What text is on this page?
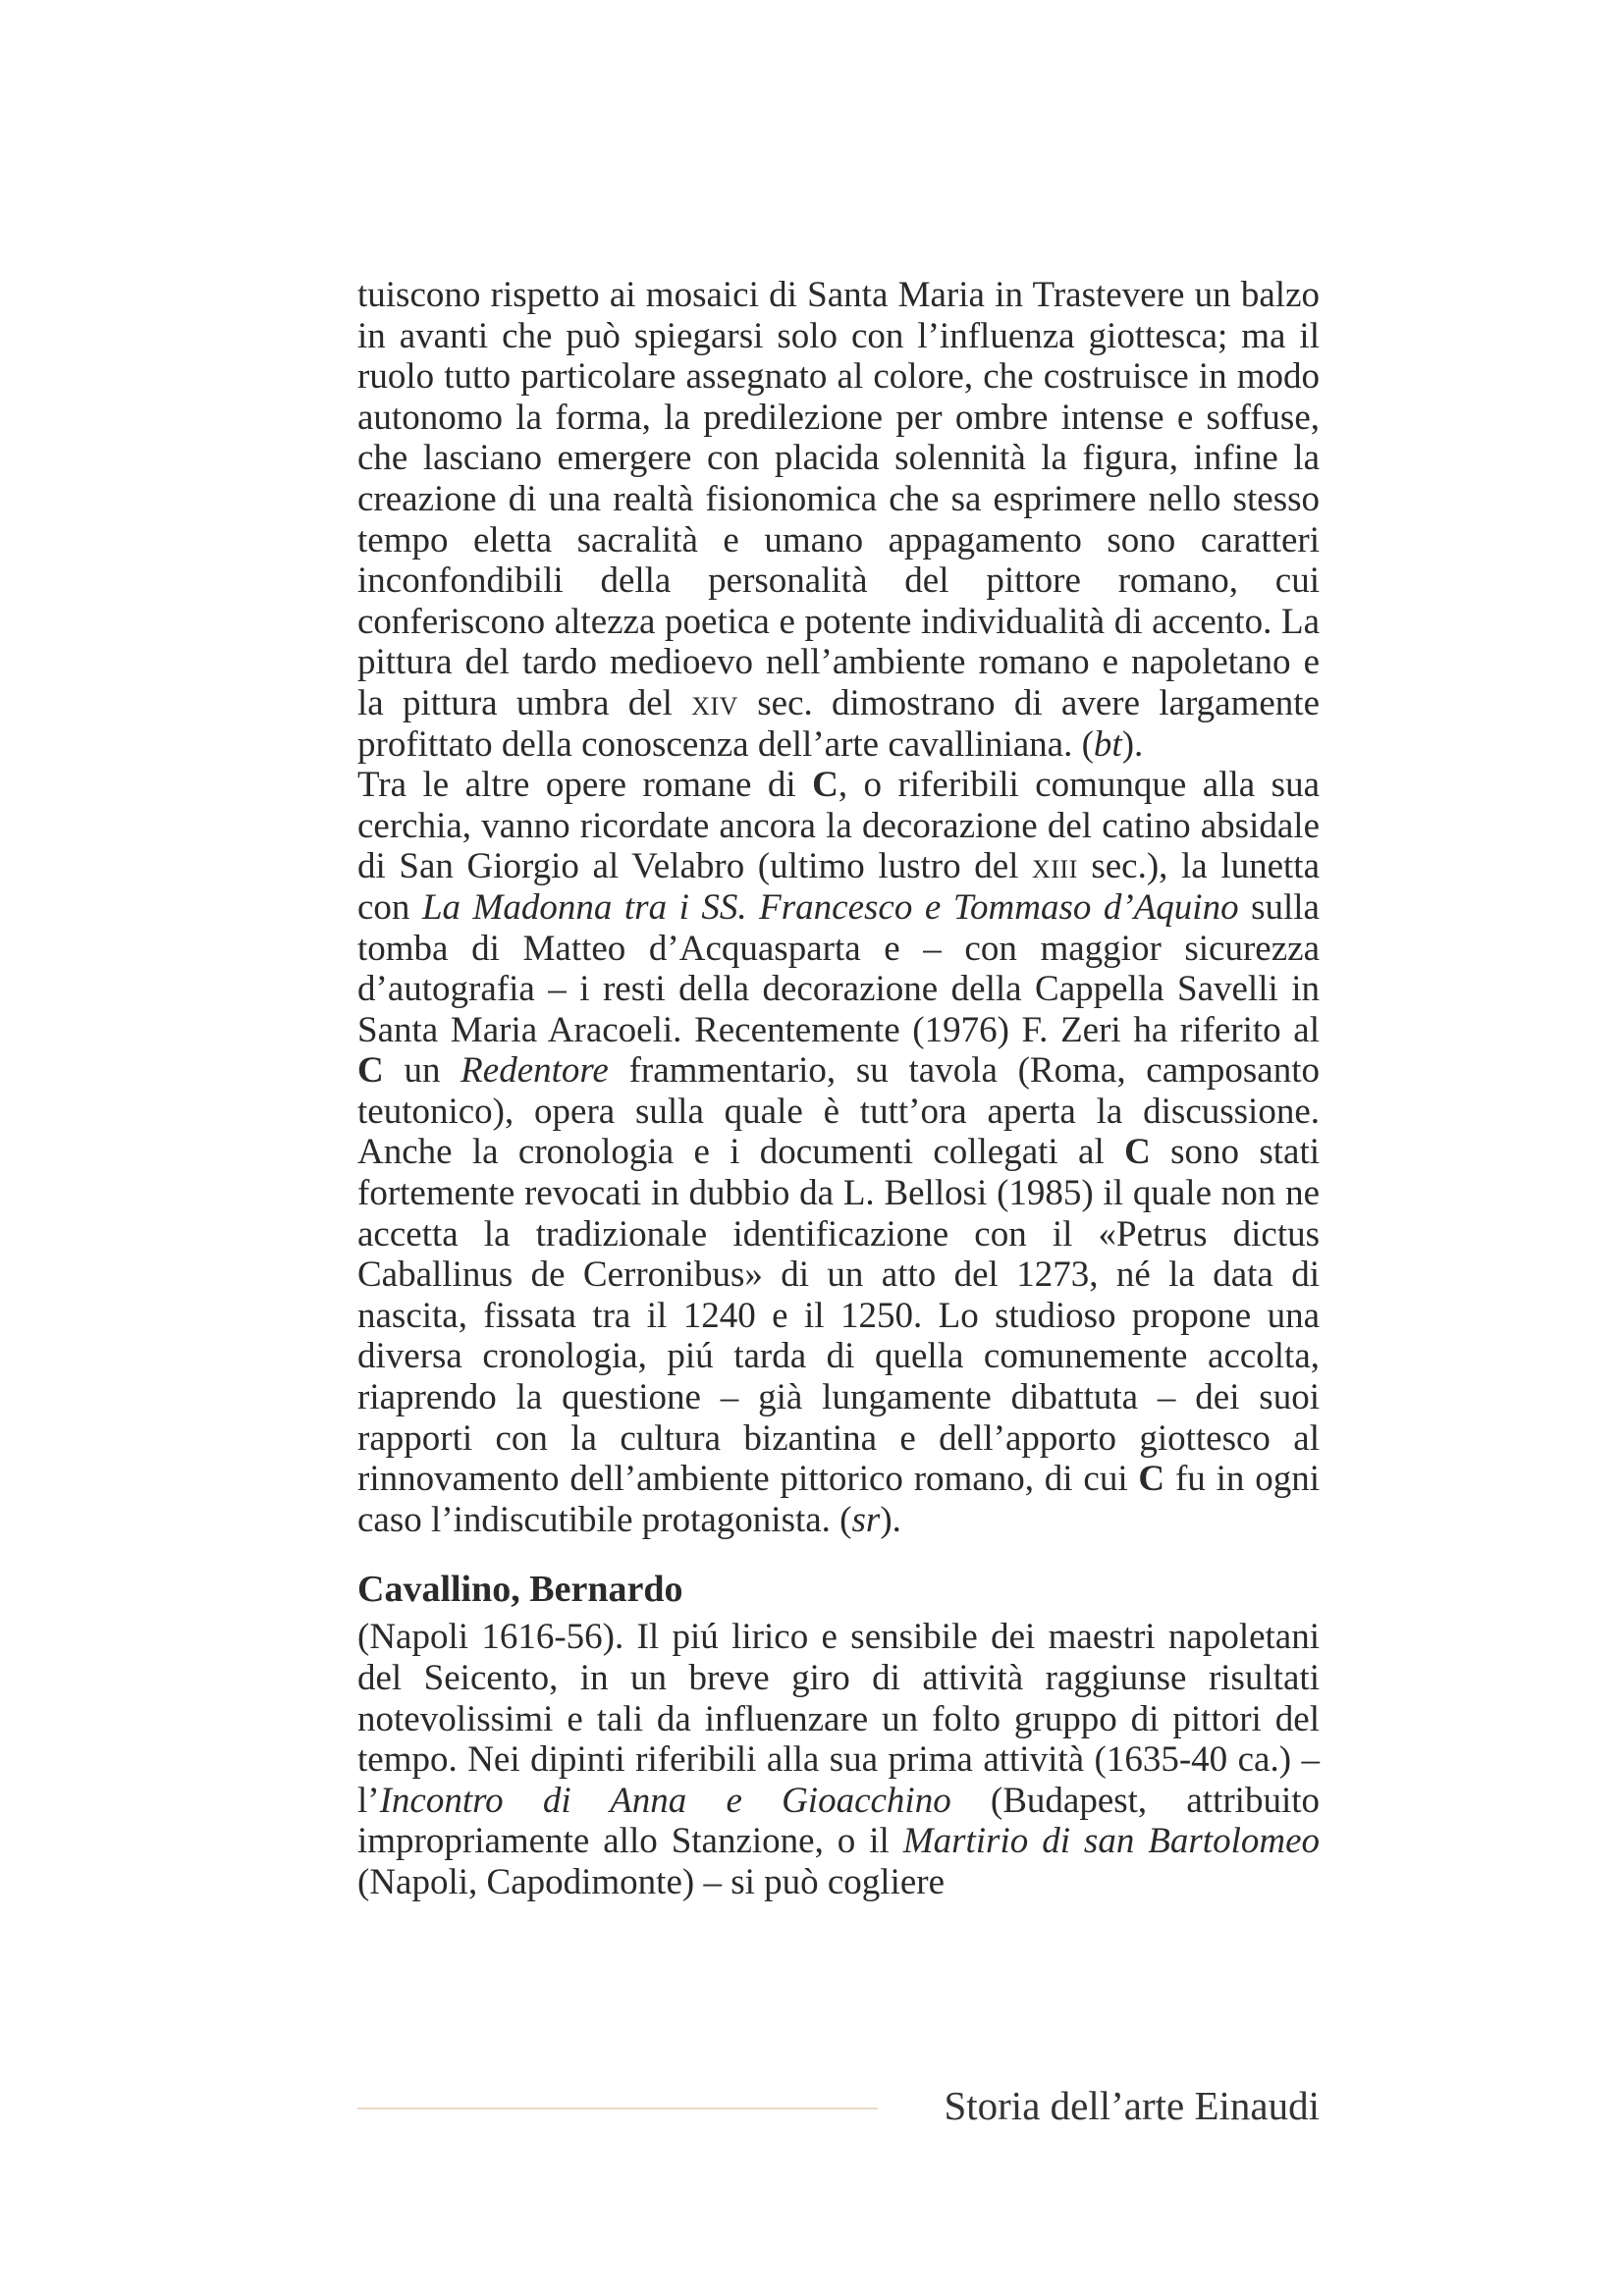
tuiscono rispetto ai mosaici di Santa Maria in Trastevere un balzo in avanti che può spiegarsi solo con l’influenza giottesca; ma il ruolo tutto particolare assegnato al colore, che costruisce in modo autonomo la forma, la predilezione per ombre intense e soffuse, che lasciano emergere con placida solennità la figura, infine la creazione di una realtà fisionomica che sa esprimere nello stesso tempo eletta sacralità e umano appagamento sono caratteri inconfondibili della personalità del pittore romano, cui conferiscono altezza poetica e potente individualità di accento. La pittura del tardo medioevo nell’ambiente romano e napoletano e la pittura umbra del xiv sec. dimostrano di avere largamente profittato della conoscenza dell’arte cavalliniana. (bt).

Tra le altre opere romane di C, o riferibili comunque alla sua cerchia, vanno ricordate ancora la decorazione del catino absidale di San Giorgio al Velabro (ultimo lustro del xiii sec.), la lunetta con La Madonna tra i SS. Francesco e Tommaso d’Aquino sulla tomba di Matteo d’Acquasparta e – con maggior sicurezza d’autografia – i resti della decorazione della Cappella Savelli in Santa Maria Aracoeli. Recentemente (1976) F. Zeri ha riferito al C un Redentore frammentario, su tavola (Roma, camposanto teutonico), opera sulla quale è tutt’ora aperta la discussione. Anche la cronologia e i documenti collegati al C sono stati fortemente revocati in dubbio da L. Bellosi (1985) il quale non ne accetta la tradizionale identificazione con il «Petrus dictus Caballinus de Cerronibus» di un atto del 1273, né la data di nascita, fissata tra il 1240 e il 1250. Lo studioso propone una diversa cronologia, piú tarda di quella comunemente accolta, riaprendo la questione – già lungamente dibattuta – dei suoi rapporti con la cultura bizantina e dell’apporto giottesco al rinnovamento dell’ambiente pittorico romano, di cui C fu in ogni caso l’indiscutibile protagonista. (sr).

Cavallino, Bernardo

(Napoli 1616-56). Il piú lirico e sensibile dei maestri napoletani del Seicento, in un breve giro di attività raggiunse risultati notevolissimi e tali da influenzare un folto gruppo di pittori del tempo. Nei dipinti riferibili alla sua prima attività (1635-40 ca.) – l’Incontro di Anna e Gioacchino (Budapest, attribuito impropriamente allo Stanzione, o il Martirio di san Bartolomeo (Napoli, Capodimonte) – si può cogliere

Storia dell’arte Einaudi
